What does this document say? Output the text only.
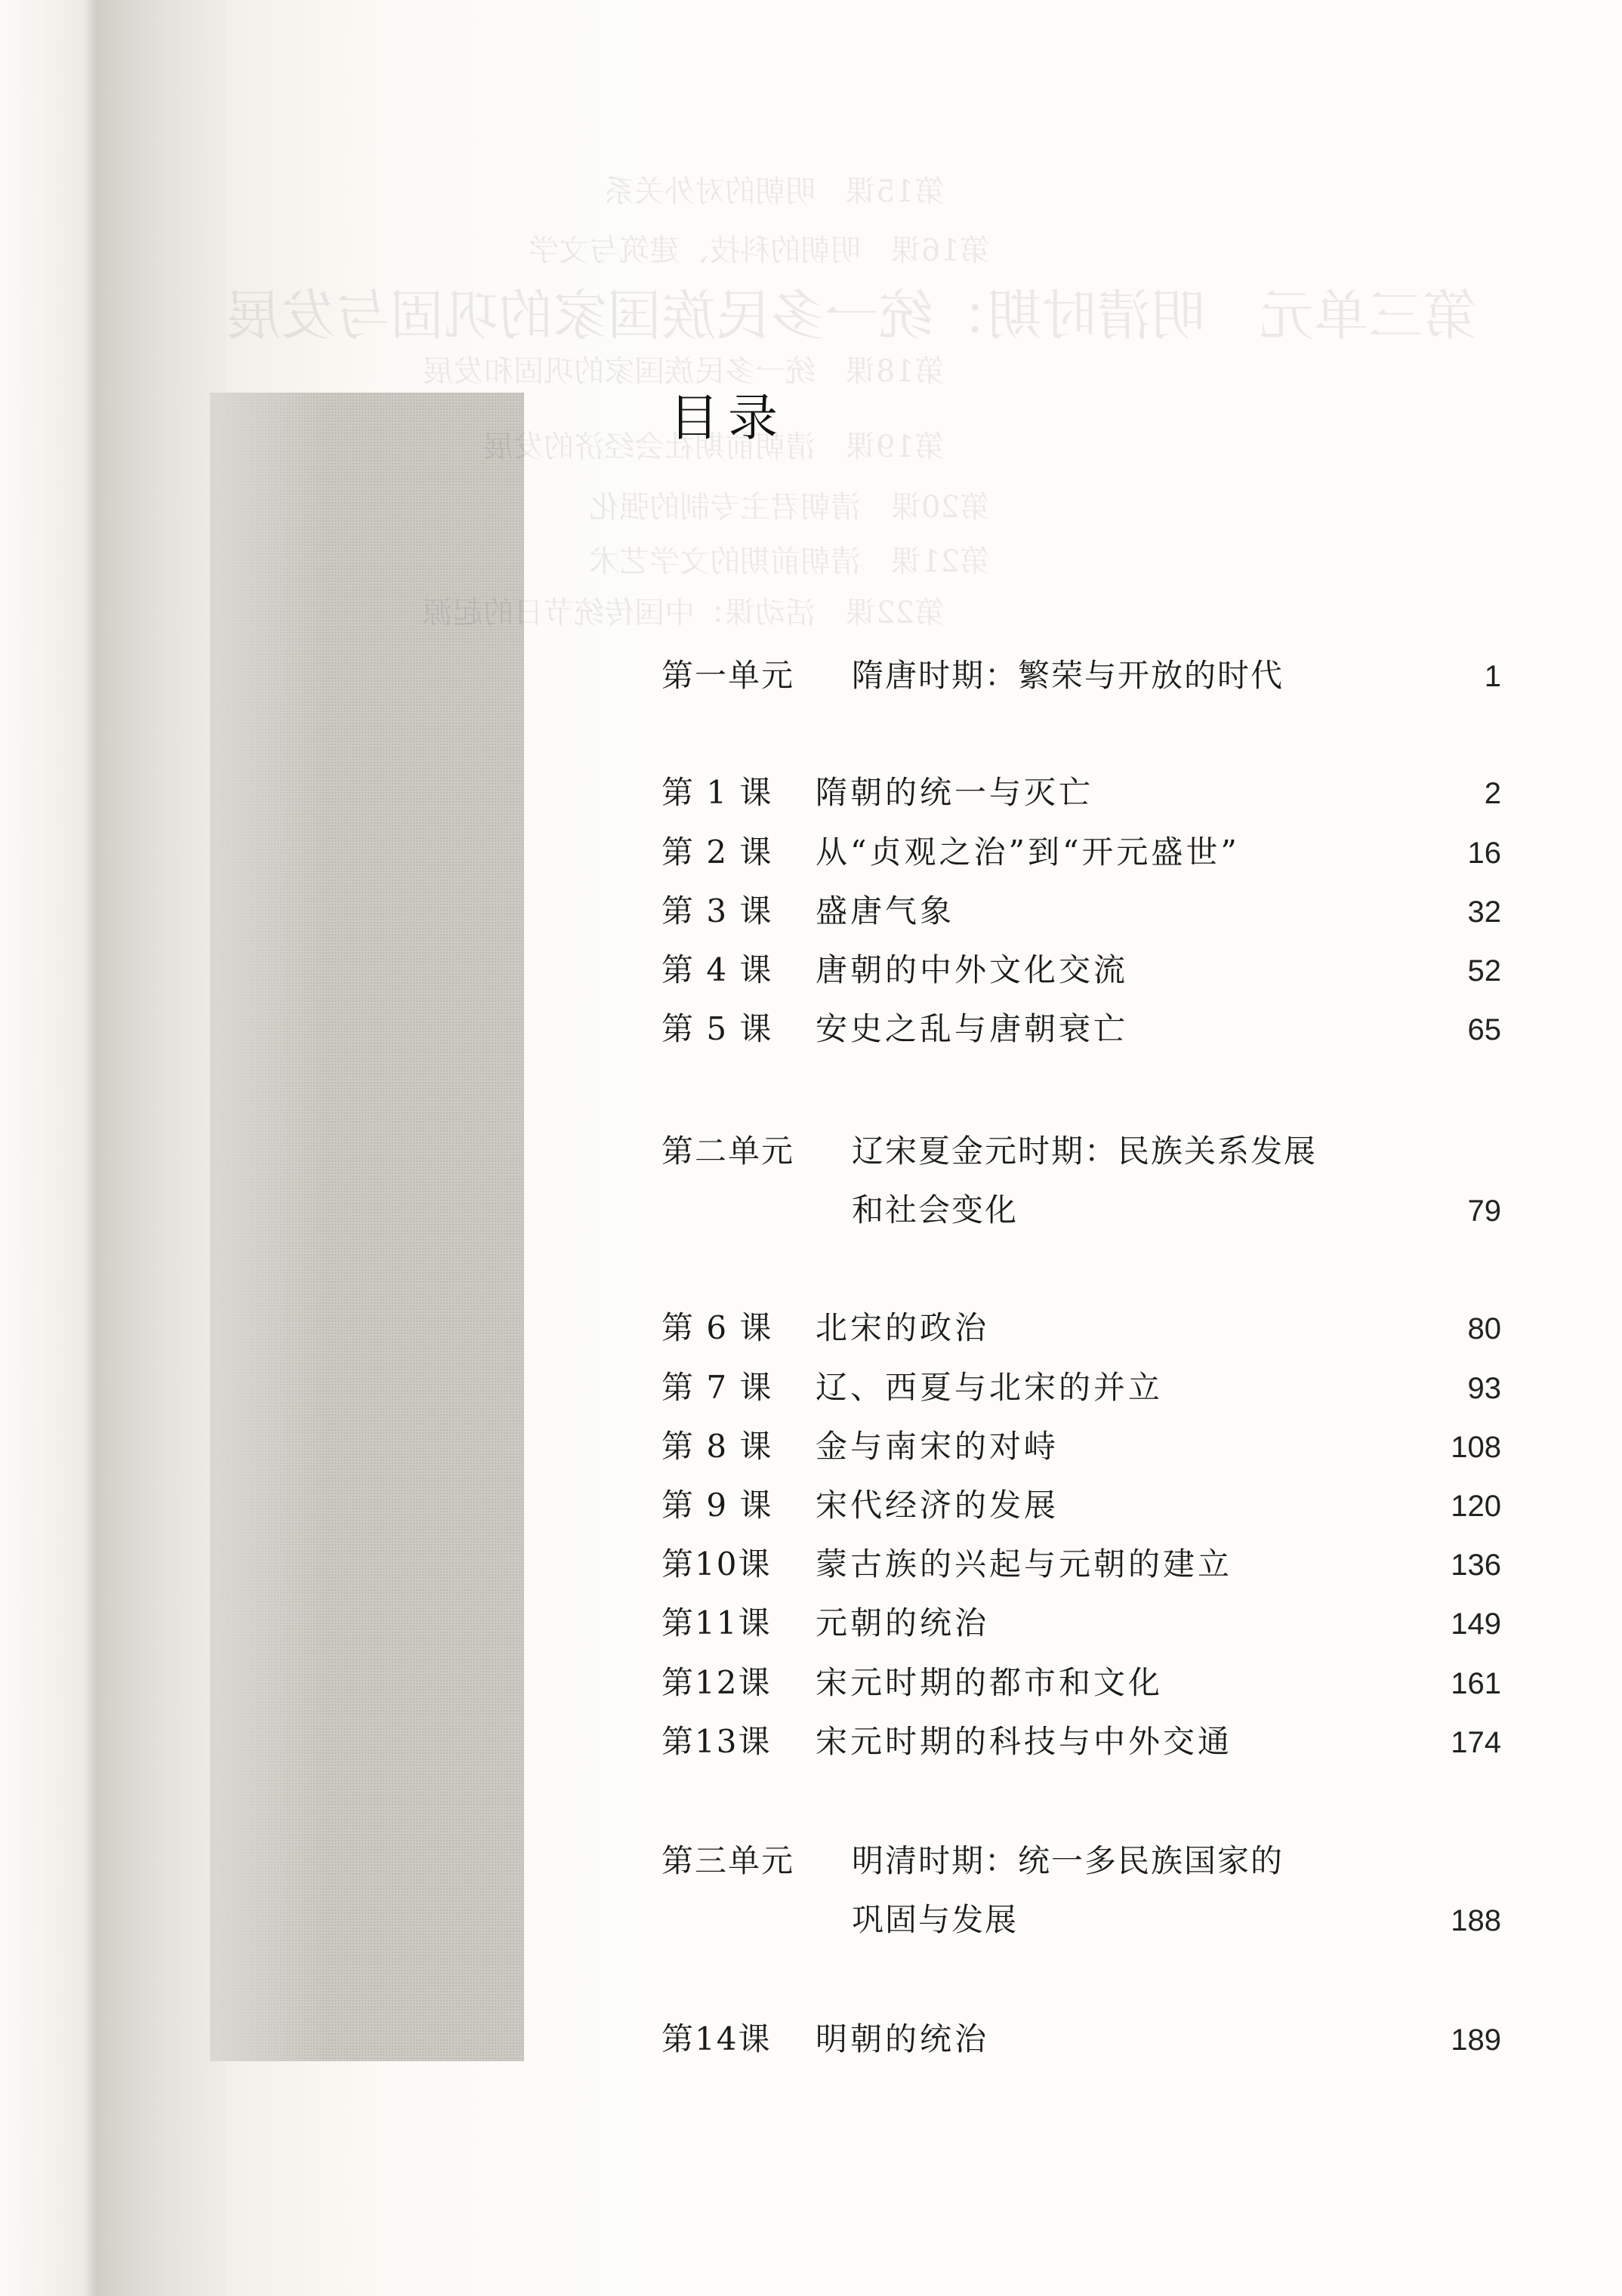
第15课　明朝的对外关系
第16课　明朝的科技、建筑与文学
第三单元　明清时期：统一多民族国家的巩固与发展
第18课　统一多民族国家的巩固和发展
第19课　清朝前期社会经济的发展
第20课　清朝君主专制的强化
第21课　清朝前期的文学艺术
第22课　活动课：中国传统节日的起源
目录
第一单元	隋唐时期：繁荣与开放的时代	1
第 1 课	隋朝的统一与灭亡	2
第 2 课	从“贞观之治”到“开元盛世”	16
第 3 课	盛唐气象	32
第 4 课	唐朝的中外文化交流	52
第 5 课	安史之乱与唐朝衰亡	65
第二单元	辽宋夏金元时期：民族关系发展
和社会变化	79
第 6 课	北宋的政治	80
第 7 课	辽、西夏与北宋的并立	93
第 8 课	金与南宋的对峙	108
第 9 课	宋代经济的发展	120
第10课	蒙古族的兴起与元朝的建立	136
第11课	元朝的统治	149
第12课	宋元时期的都市和文化	161
第13课	宋元时期的科技与中外交通	174
第三单元	明清时期：统一多民族国家的
巩固与发展	188
第14课	明朝的统治	189
